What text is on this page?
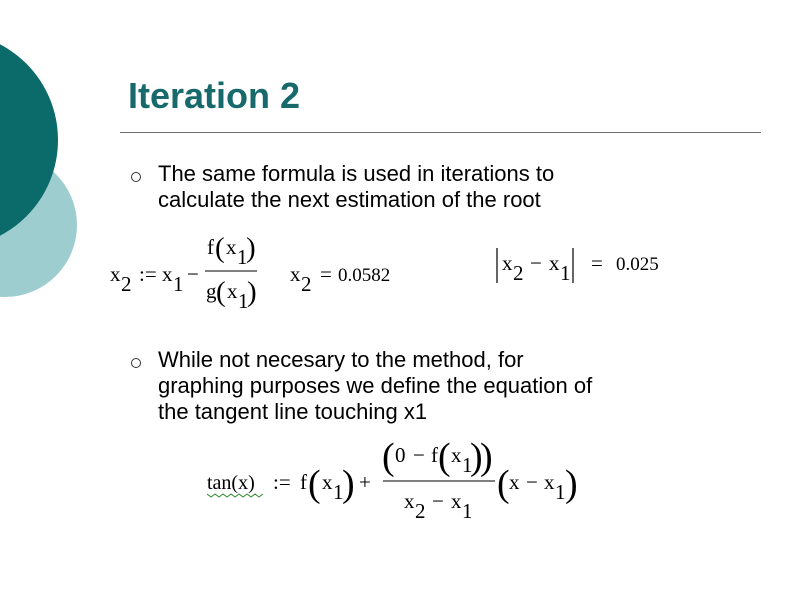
Iteration 2
The same formula is used in iterations to
calculate the next estimation of the root
While not necesary to the method, for
graphing purposes we define the equation of
the tangent line touching x1
x 2 := x 1 −
f ( x 1
)
g ( x 1
)
x 2 = 0.0582
x 2 − x 1 = 0.025
tan(x) := f ( x 1
) +
( 0 − f ( x 1
)
)
x 2 − x 1
( x − x 1 )
